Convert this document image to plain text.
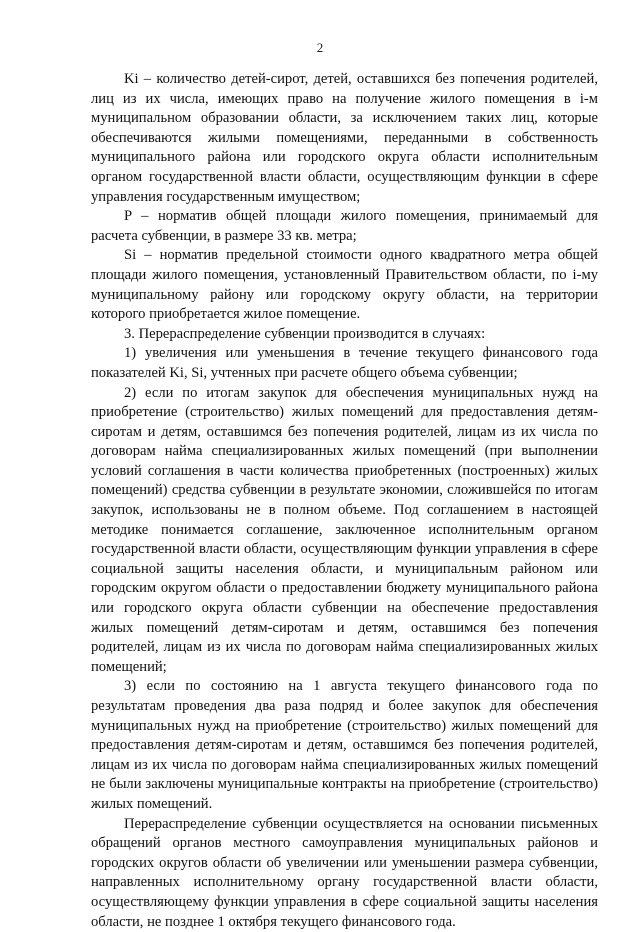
2

Ki – количество детей-сирот, детей, оставшихся без попечения родителей, лиц из их числа, имеющих право на получение жилого помещения в i-м муниципальном образовании области, за исключением таких лиц, которые обеспечиваются жилыми помещениями, переданными в собственность муниципального района или городского округа области исполнительным органом государственной власти области, осуществляющим функции в сфере управления государственным имуществом;

P – норматив общей площади жилого помещения, принимаемый для расчета субвенции, в размере 33 кв. метра;

Si – норматив предельной стоимости одного квадратного метра общей площади жилого помещения, установленный Правительством области, по i-му муниципальному району или городскому округу области, на территории которого приобретается жилое помещение.

3. Перераспределение субвенции производится в случаях:

1) увеличения или уменьшения в течение текущего финансового года показателей Ki, Si, учтенных при расчете общего объема субвенции;

2) если по итогам закупок для обеспечения муниципальных нужд на приобретение (строительство) жилых помещений для предоставления детям-сиротам и детям, оставшимся без попечения родителей, лицам из их числа по договорам найма специализированных жилых помещений (при выполнении условий соглашения в части количества приобретенных (построенных) жилых помещений) средства субвенции в результате экономии, сложившейся по итогам закупок, использованы не в полном объеме. Под соглашением в настоящей методике понимается соглашение, заключенное исполнительным органом государственной власти области, осуществляющим функции управления в сфере социальной защиты населения области, и муниципальным районом или городским округом области о предоставлении бюджету муниципального района или городского округа области субвенции на обеспечение предоставления жилых помещений детям-сиротам и детям, оставшимся без попечения родителей, лицам из их числа по договорам найма специализированных жилых помещений;

3) если по состоянию на 1 августа текущего финансового года по результатам проведения два раза подряд и более закупок для обеспечения муниципальных нужд на приобретение (строительство) жилых помещений для предоставления детям-сиротам и детям, оставшимся без попечения родителей, лицам из их числа по договорам найма специализированных жилых помещений не были заключены муниципальные контракты на приобретение (строительство) жилых помещений.

Перераспределение субвенции осуществляется на основании письменных обращений органов местного самоуправления муниципальных районов и городских округов области об увеличении или уменьшении размера субвенции, направленных исполнительному органу государственной власти области, осуществляющему функции управления в сфере социальной защиты населения области, не позднее 1 октября текущего финансового года.
